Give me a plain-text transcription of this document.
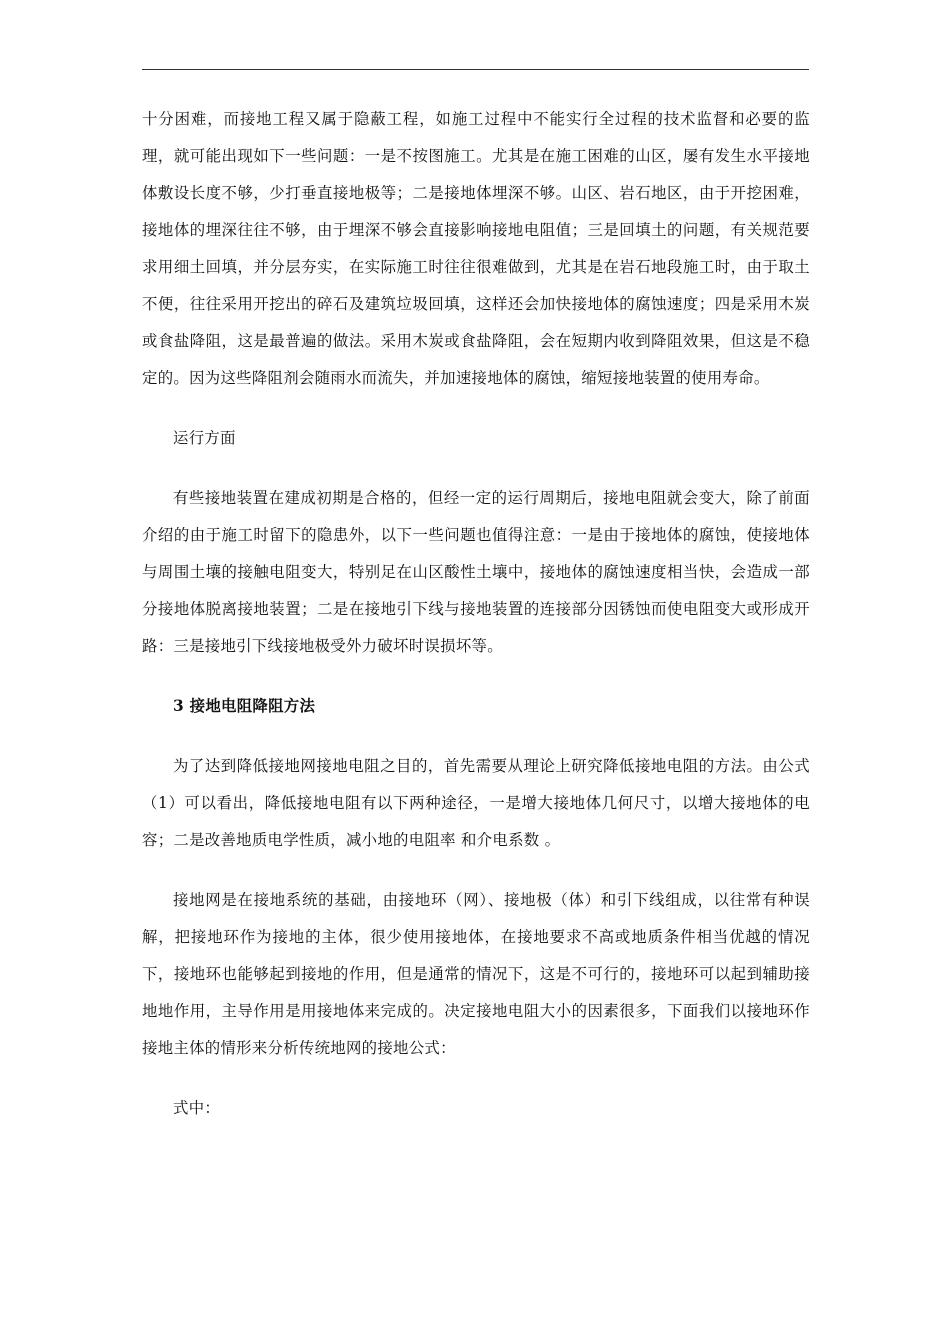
十分困难，而接地工程又属于隐蔽工程，如施工过程中不能实行全过程的技术监督和必要的监理，就可能出现如下一些问题：一是不按图施工。尤其是在施工困难的山区，屡有发生水平接地体敷设长度不够，少打垂直接地极等；二是接地体埋深不够。山区、岩石地区，由于开挖困难，接地体的埋深往往不够，由于埋深不够会直接影响接地电阻值；三是回填土的问题，有关规范要求用细土回填，并分层夯实，在实际施工时往往很难做到，尤其是在岩石地段施工时，由于取土不便，往往采用开挖出的碎石及建筑垃圾回填，这样还会加快接地体的腐蚀速度；四是采用木炭或食盐降阻，这是最普遍的做法。采用木炭或食盐降阻，会在短期内收到降阻效果，但这是不稳定的。因为这些降阻剂会随雨水而流失，并加速接地体的腐蚀，缩短接地装置的使用寿命。

运行方面

有些接地装置在建成初期是合格的，但经一定的运行周期后，接地电阻就会变大，除了前面介绍的由于施工时留下的隐患外，以下一些问题也值得注意：一是由于接地体的腐蚀，使接地体与周围土壤的接触电阻变大，特别足在山区酸性土壤中，接地体的腐蚀速度相当快，会造成一部分接地体脱离接地装置；二是在接地引下线与接地装置的连接部分因锈蚀而使电阻变大或形成开路：三是接地引下线接地极受外力破坏时误损坏等。

3 接地电阻降阻方法

为了达到降低接地网接地电阻之目的，首先需要从理论上研究降低接地电阻的方法。由公式（1）可以看出，降低接地电阻有以下两种途径，一是增大接地体几何尺寸，以增大接地体的电容；二是改善地质电学性质，减小地的电阻率 和介电系数 。

接地网是在接地系统的基础，由接地环（网）、接地极（体）和引下线组成，以往常有种误解，把接地环作为接地的主体，很少使用接地体，在接地要求不高或地质条件相当优越的情况下，接地环也能够起到接地的作用，但是通常的情况下，这是不可行的，接地环可以起到辅助接地地作用，主导作用是用接地体来完成的。决定接地电阻大小的因素很多，下面我们以接地环作接地主体的情形来分析传统地网的接地公式：

式中：
